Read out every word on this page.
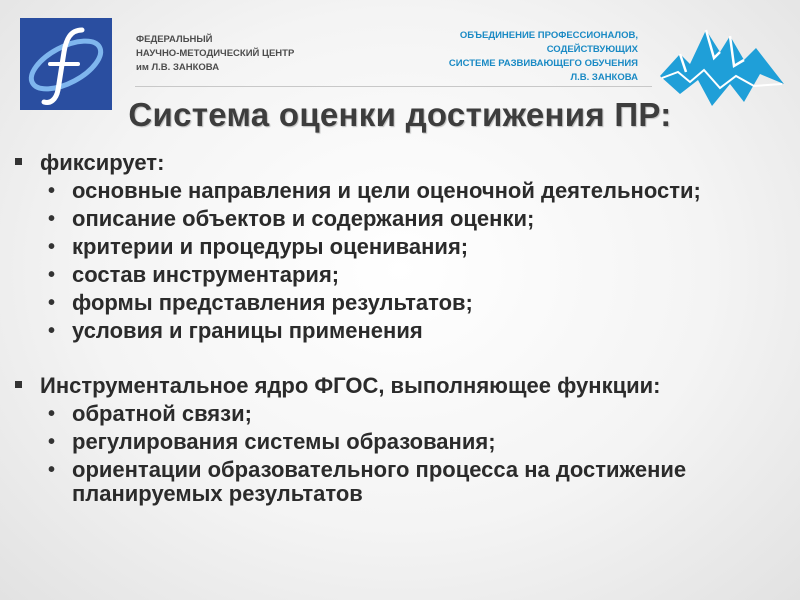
ФЕДЕРАЛЬНЫЙ
НАУЧНО-МЕТОДИЧЕСКИЙ ЦЕНТР
им Л.В. ЗАНКОВА
ОБЪЕДИНЕНИЕ ПРОФЕССИОНАЛОВ,
СОДЕЙСТВУЮЩИХ
СИСТЕМЕ РАЗВИВАЮЩЕГО ОБУЧЕНИЯ
Л.В. ЗАНКОВА
Система оценки достижения ПР:
фиксирует:
• основные направления и цели оценочной деятельности;
• описание объектов и содержания оценки;
• критерии и процедуры оценивания;
• состав инструментария;
• формы представления результатов;
• условия и границы применения
Инструментальное ядро ФГОС, выполняющее функции:
• обратной связи;
• регулирования системы образования;
• ориентации образовательного процесса на достижение планируемых результатов
